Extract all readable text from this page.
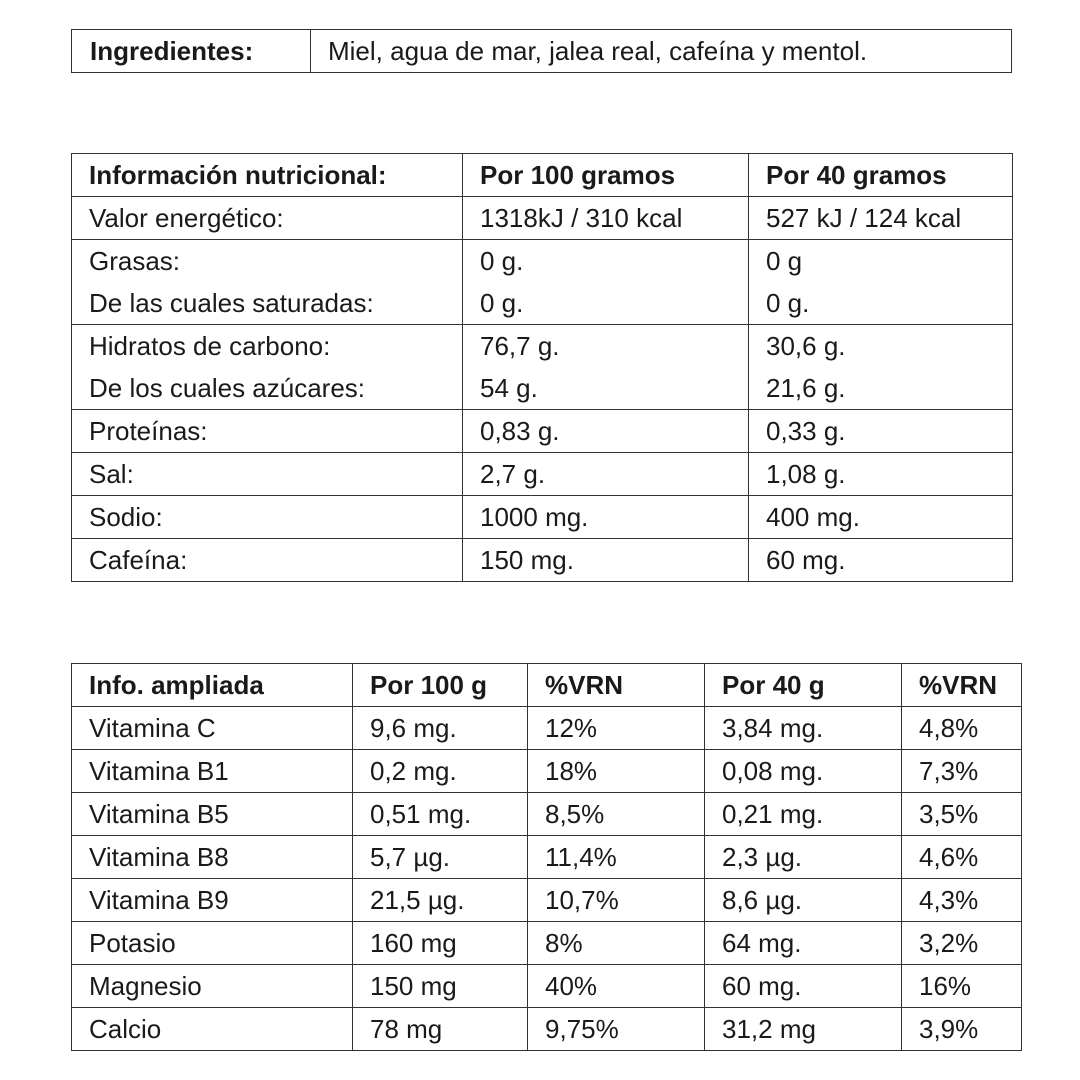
Ingredientes:	Miel, agua de mar, jalea real, cafeína y mentol.
Información nutricional:	Por 100 gramos	Por 40 gramos
Valor energético:	1318kJ / 310 kcal	527 kJ / 124 kcal
Grasas:	0 g.	0 g
De las cuales saturadas:	0 g.	0 g.
Hidratos de carbono:	76,7 g.	30,6 g.
De los cuales azúcares:	54 g.	21,6 g.
Proteínas:	0,83 g.	0,33 g.
Sal:	2,7 g.	1,08 g.
Sodio:	1000 mg.	400 mg.
Cafeína:	150 mg.	60 mg.
Info. ampliada	Por 100 g	%VRN	Por 40 g	%VRN
Vitamina C	9,6 mg.	12%	3,84 mg.	4,8%
Vitamina B1	0,2 mg.	18%	0,08 mg.	7,3%
Vitamina B5	0,51 mg.	8,5%	0,21 mg.	3,5%
Vitamina B8	5,7 µg.	11,4%	2,3 µg.	4,6%
Vitamina B9	21,5 µg.	10,7%	8,6 µg.	4,3%
Potasio	160 mg	8%	64 mg.	3,2%
Magnesio	150 mg	40%	60 mg.	16%
Calcio	78 mg	9,75%	31,2 mg	3,9%
